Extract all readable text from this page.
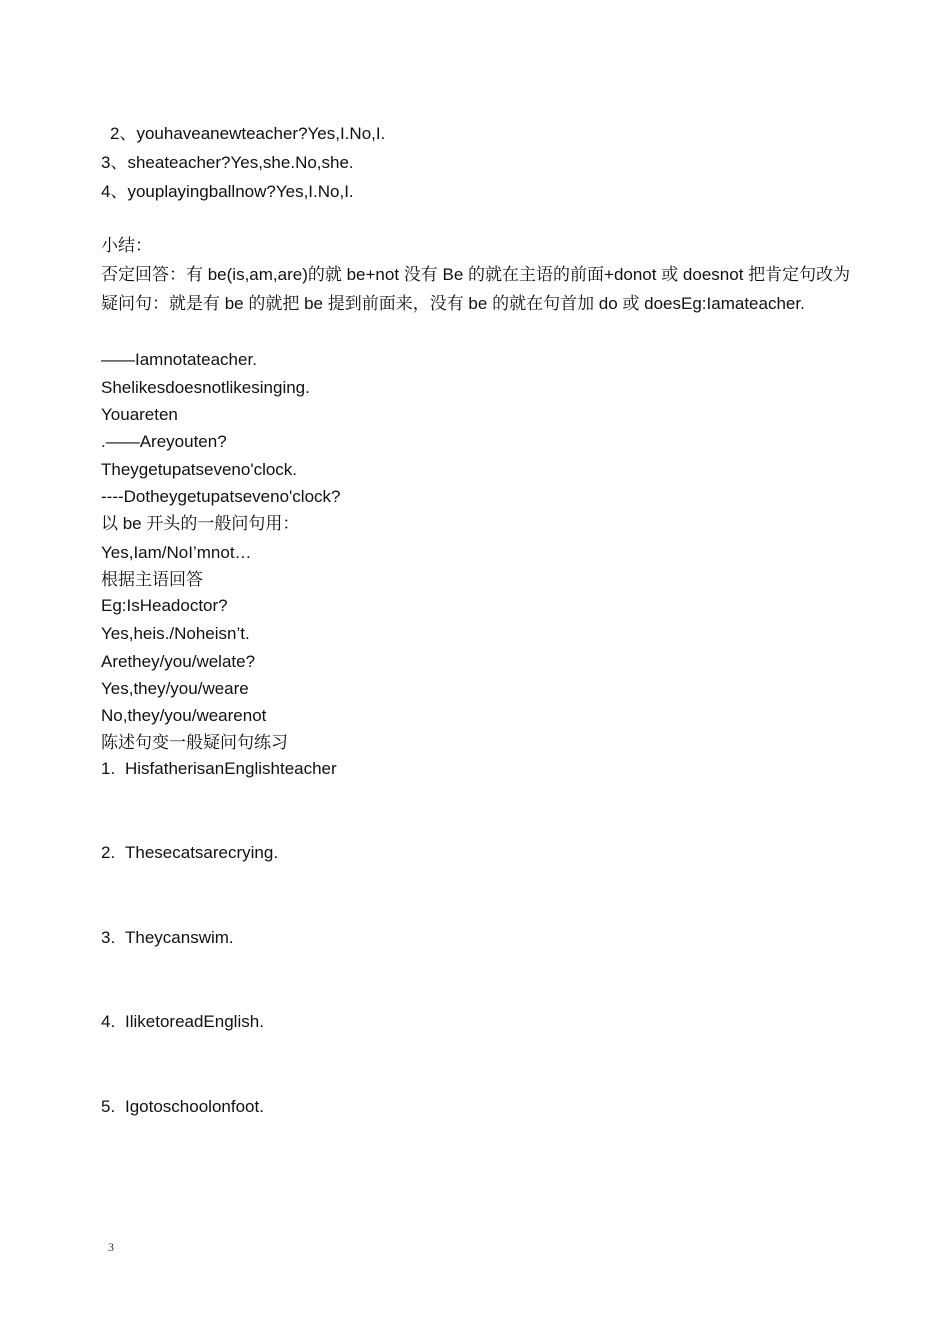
2、youhaveanewteacher?Yes,I.No,I.
3、sheateacher?Yes,she.No,she.
4、youplayingballnow?Yes,I.No,I.
小结：
否定回答：有 be(is,am,are)的就 be+not 没有 Be 的就在主语的前面+donot 或 doesnot 把肯定句改为疑问句：就是有 be 的就把 be 提到前面来，没有 be 的就在句首加 do 或 doesEg:Iamateacher.
——Iamnotateacher.
Shelikesdoesnotlikesinging.
Youareten
.——Areyouten?
Theygetupatseveno'clock.
----Dotheygetupatseveno'clock?
以 be 开头的一般问句用：
Yes,Iam/NoI’mnot…
根据主语回答
Eg:IsHeadoctor?
Yes,heis./Noheisn’t.
Arethey/you/welate?
Yes,they/you/weare
No,they/you/wearenot
陈述句变一般疑问句练习
1. HisfatherisanEnglishteacher
2. Thesecatsarecrying.
3. Theycanswim.
4. IliketoreadEnglish.
5. Igotoschoolonfoot.
3
